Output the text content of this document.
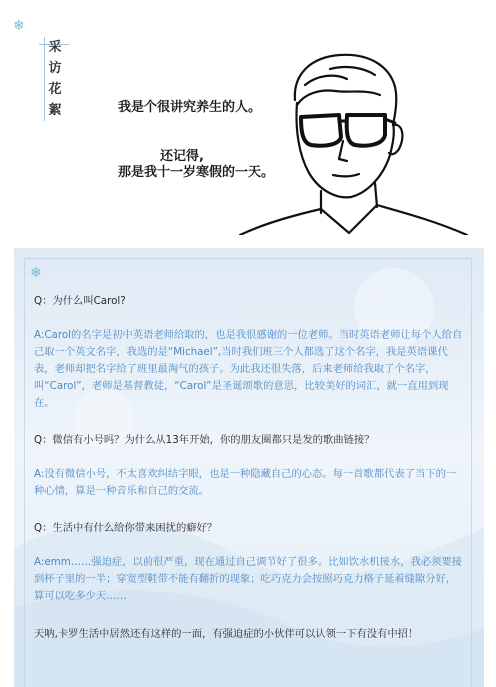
❄
采
访
花
絮	我是个很讲究养生的人。
还记得,
那是我十一岁寒假的一天。
❄
Q：为什么叫Carol?
A:Carol的名字是初中英语老师给取的，也是我很感谢的一位老师。当时英语老师让每个人给自己取一个英文名字，我选的是“Michael”,当时我们班三个人都选了这个名字，我是英语课代表，老师却把名字给了班里最淘气的孩子。为此我还很失落，后来老师给我取了个名字，叫“Carol”，老师是基督教徒，“Carol”是圣诞颂歌的意思，比较美好的词汇，就一直用到现在。
Q：微信有小号吗？为什么从13年开始，你的朋友圈都只是发的歌曲链接？
A:没有微信小号，不太喜欢纠结字眼，也是一种隐藏自己的心态。每一首歌都代表了当下的一种心情，算是一种音乐和自己的交流。
Q：生活中有什么给你带来困扰的癖好？
A:emm……强迫症，以前很严重，现在通过自己调节好了很多。比如饮水机接水，我必须要接到杯子里的一半；穿宽型鞋带不能有翻折的现象；吃巧克力会按照巧克力格子延着缝隙分好，算可以吃多少天……
天呐,卡罗生活中居然还有这样的一面，有强迫症的小伙伴可以认领一下有没有中招！
